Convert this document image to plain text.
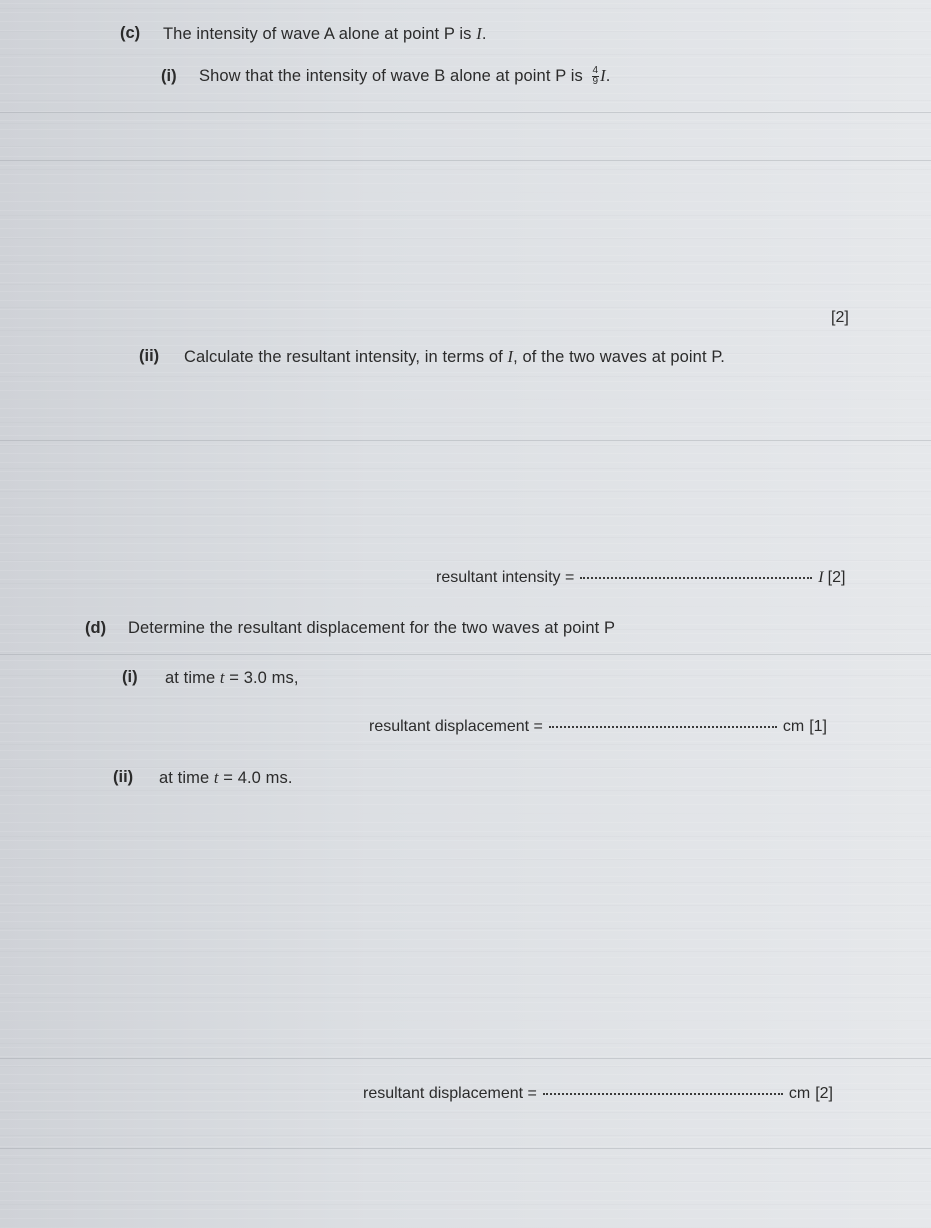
(c) The intensity of wave A alone at point P is I.
(i) Show that the intensity of wave B alone at point P is $\frac{4}{9} I$.
[2]
(ii) Calculate the resultant intensity, in terms of I, of the two waves at point P.
resultant intensity =	I [2]
(d) Determine the resultant displacement for the two waves at point P
(i) at time t = 3.0 ms,
resultant displacement =	cm [1]
(ii) at time t = 4.0 ms.
resultant displacement =	cm [2]
